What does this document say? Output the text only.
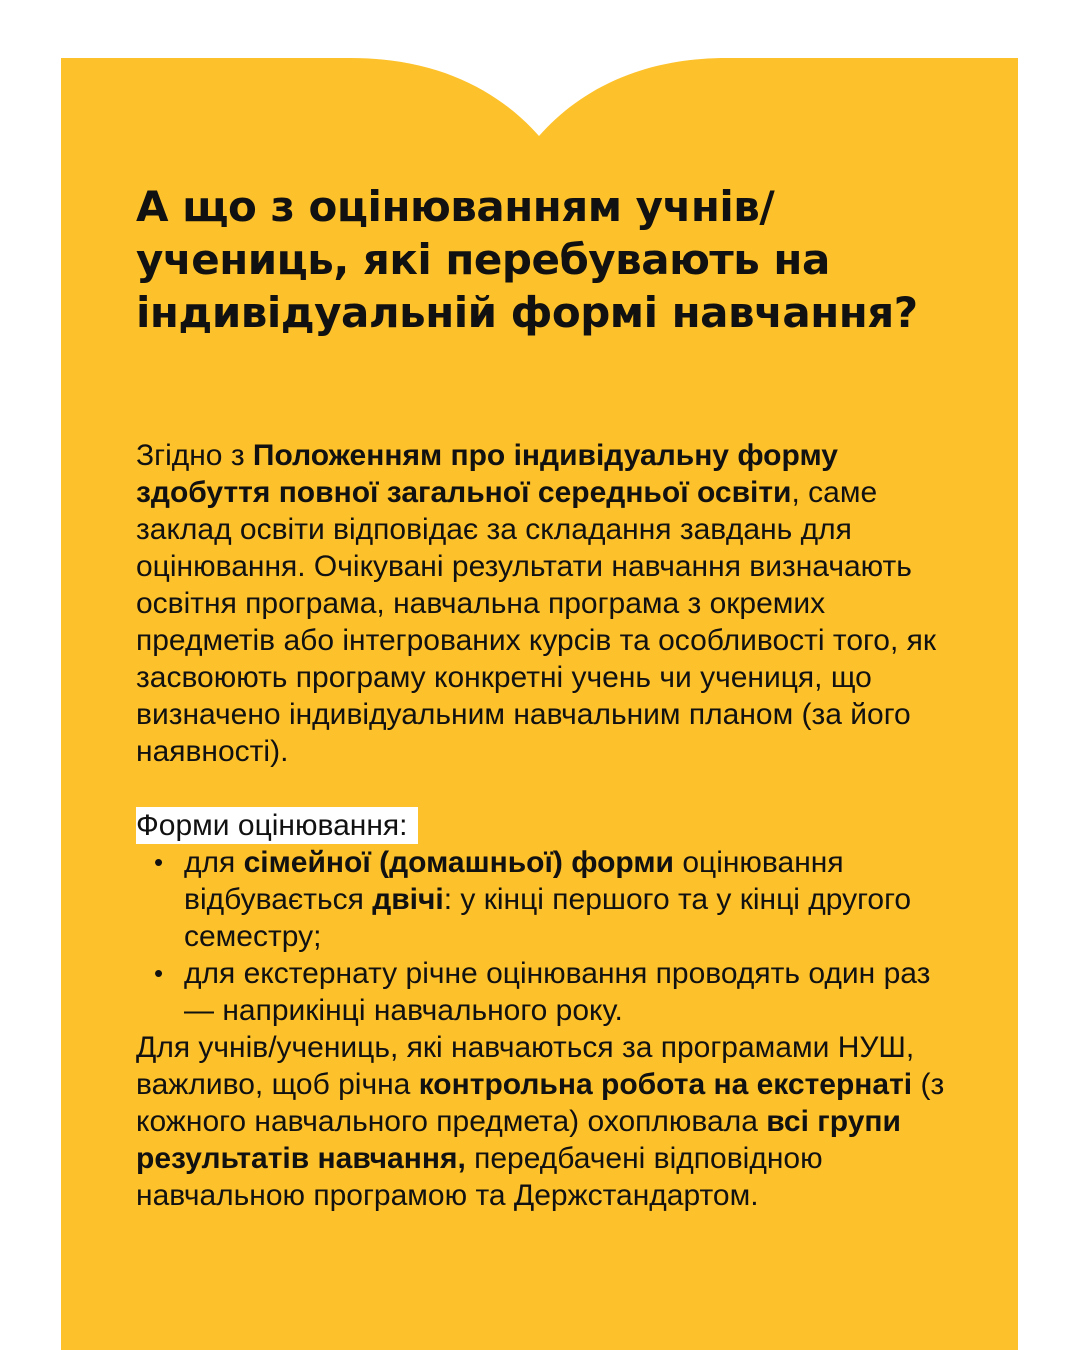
А що з оцінюванням учнів/ учениць, які перебувають на індивідуальній формі навчання?

Згідно з Положенням про індивідуальну форму здобуття повної загальної середньої освіти, саме заклад освіти відповідає за складання завдань для оцінювання. Очікувані результати навчання визначають освітня програма, навчальна програма з окремих предметів або інтегрованих курсів та особливості того, як засвоюють програму конкретні учень чи учениця, що визначено індивідуальним навчальним планом (за його наявності).

Форми оцінювання:
• для сімейної (домашньої) форми оцінювання відбувається двічі: у кінці першого та у кінці другого семестру;
• для екстернату річне оцінювання проводять один раз — наприкінці навчального року.

Для учнів/учениць, які навчаються за програмами НУШ, важливо, щоб річна контрольна робота на екстернаті (з кожного навчального предмета) охоплювала всі групи результатів навчання, передбачені відповідною навчальною програмою та Держстандартом.
